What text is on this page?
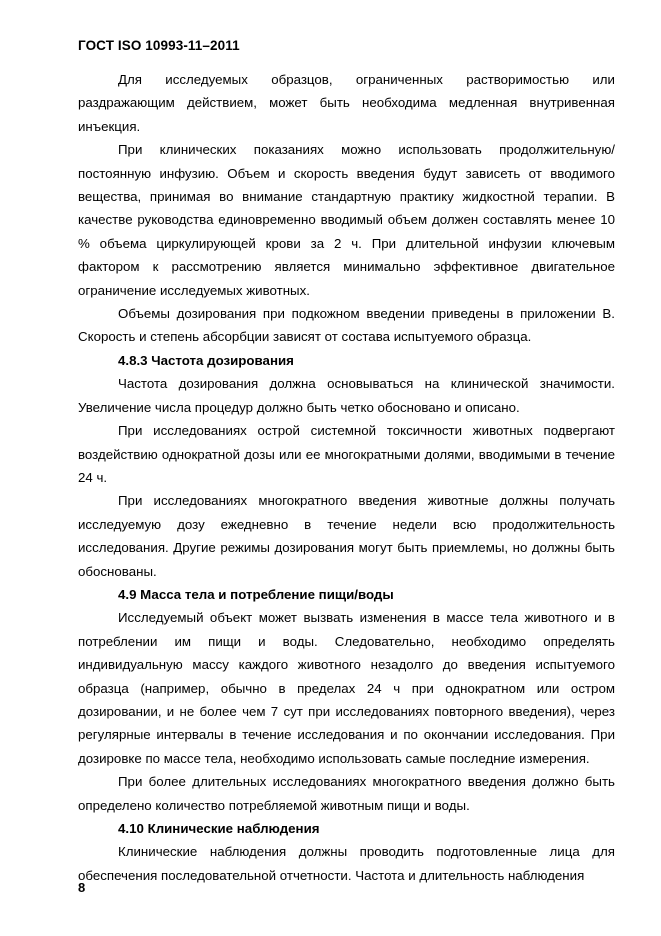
ГОСТ ISO 10993-11–2011

Для исследуемых образцов, ограниченных растворимостью или раздражающим действием, может быть необходима медленная внутривенная инъекция.

При клинических показаниях можно использовать продолжительную/постоянную инфузию. Объем и скорость введения будут зависеть от вводимого вещества, принимая во внимание стандартную практику жидкостной терапии. В качестве руководства единовременно вводимый объем должен составлять менее 10 % объема циркулирующей крови за 2 ч. При длительной инфузии ключевым фактором к рассмотрению является минимально эффективное двигательное ограничение исследуемых животных.

Объемы дозирования при подкожном введении приведены в приложении В. Скорость и степень абсорбции зависят от состава испытуемого образца.

4.8.3 Частота дозирования

Частота дозирования должна основываться на клинической значимости. Увеличение числа процедур должно быть четко обосновано и описано.

При исследованиях острой системной токсичности животных подвергают воздействию однократной дозы или ее многократными долями, вводимыми в течение 24 ч.

При исследованиях многократного введения животные должны получать исследуемую дозу ежедневно в течение недели всю продолжительность исследования. Другие режимы дозирования могут быть приемлемы, но должны быть обоснованы.

4.9 Масса тела и потребление пищи/воды

Исследуемый объект может вызвать изменения в массе тела животного и в потреблении им пищи и воды. Следовательно, необходимо определять индивидуальную массу каждого животного незадолго до введения испытуемого образца (например, обычно в пределах 24 ч при однократном или остром дозировании, и не более чем 7 сут при исследованиях повторного введения), через регулярные интервалы в течение исследования и по окончании исследования. При дозировке по массе тела, необходимо использовать самые последние измерения.

При более длительных исследованиях многократного введения должно быть определено количество потребляемой животным пищи и воды.

4.10 Клинические наблюдения

Клинические наблюдения должны проводить подготовленные лица для обеспечения последовательной отчетности. Частота и длительность наблюдения

8
